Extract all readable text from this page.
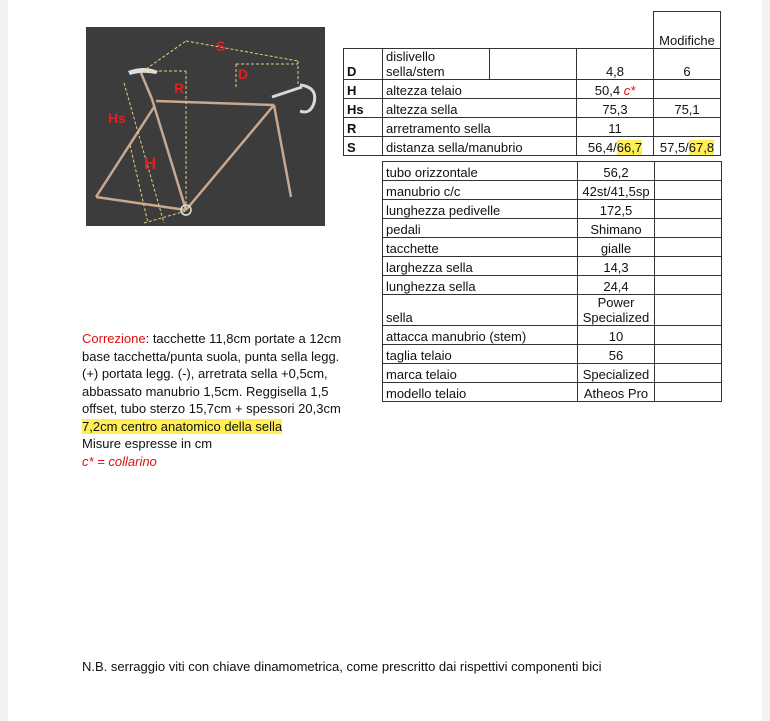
S
D
R
Hs
H
				Modifiche
D	dislivello
sella/stem		4,8	6
H	altezza telaio		50,4 c*	
Hs	altezza sella		75,3	75,1
R	arretramento sella		11	
S	distanza sella/manubrio		56,4/66,7	57,5/67,8
tubo orizzontale	56,2	
manubrio c/c	42st/41,5sp	
lunghezza pedivelle	172,5	
pedali	Shimano	
tacchette	gialle	
larghezza sella	14,3	
lunghezza sella	24,4	
sella	Power
Specialized	

attacca manubrio (stem)	10	
taglia telaio	56	
marca telaio	Specialized	
modello telaio	Atheos Pro	

Correzione: tacchette 11,8cm portate a 12cm base tacchetta/punta suola, punta sella legg. (+) portata legg. (-), arretrata sella +0,5cm, abbassato manubrio 1,5cm. Reggisella 1,5 offset, tubo sterzo 15,7cm + spessori 20,3cm

7,2cm centro anatomico della sella

Misure espresse in cm

c* = collarino

N.B. serraggio viti con chiave dinamometrica, come prescritto dai rispettivi componenti bici
